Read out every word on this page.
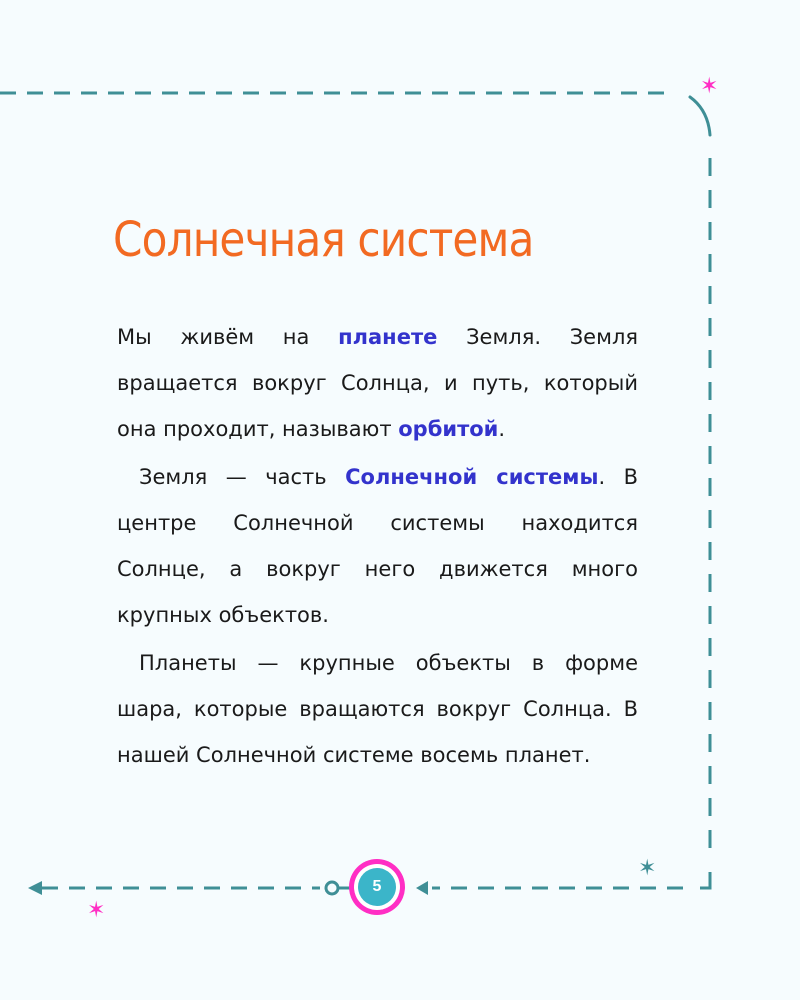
✶
✶
✶
Солнечная система

Мы живём на планете Земля. Земля вращается вокруг Солнца, и путь, который она проходит, называют орбитой.

Земля — часть Солнечной системы. В центре Солнечной системы находится Солнце, а вокруг него движется много крупных объектов.

Планеты — крупные объекты в форме шара, которые вращаются вокруг Солнца. В нашей Солнечной системе восемь планет.

5
